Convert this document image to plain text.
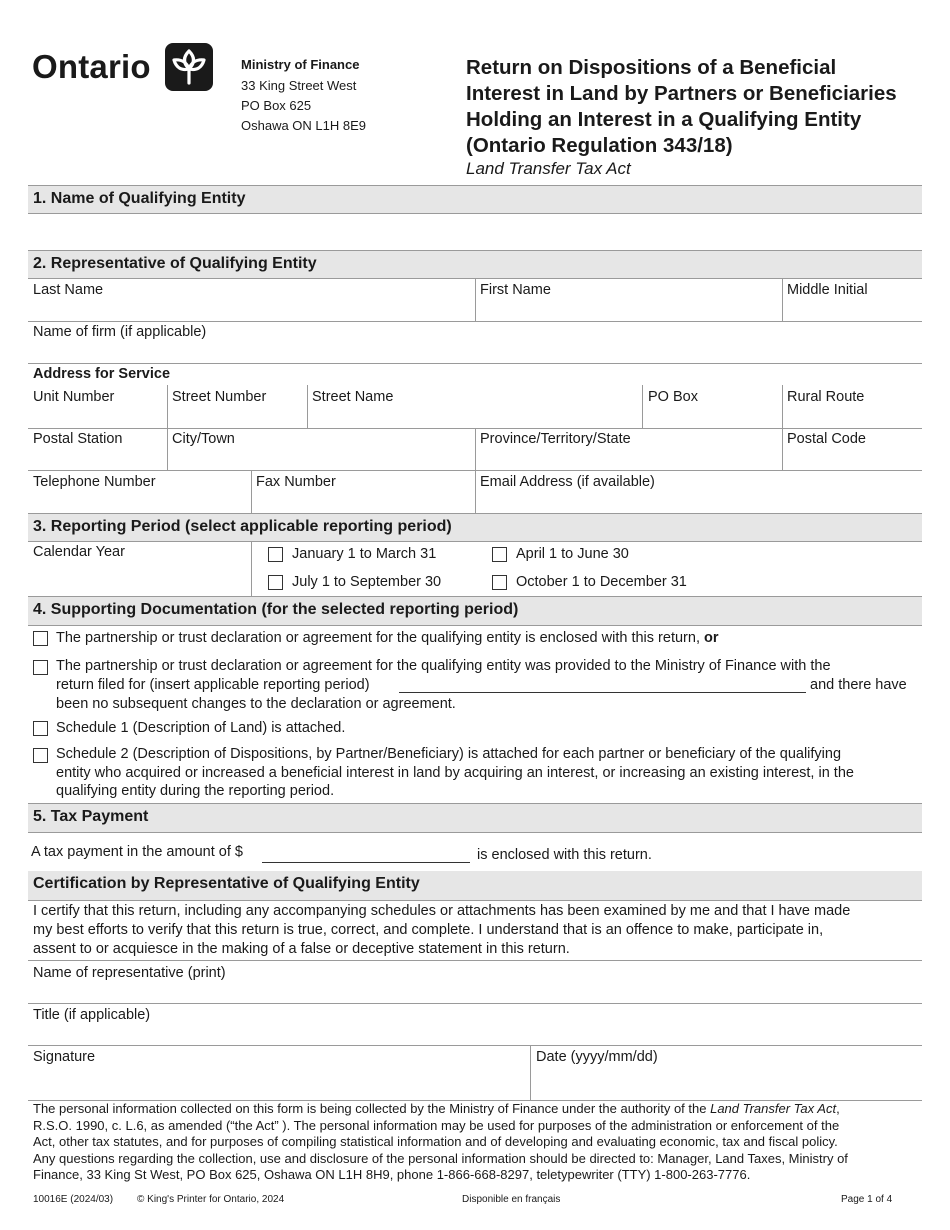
Ontario	Ministry of Finance
33 King Street West
PO Box 625
Oshawa ON L1H 8E9
Return on Dispositions of a Beneficial
Interest in Land by Partners or Beneficiaries
Holding an Interest in a Qualifying Entity
(Ontario Regulation 343/18)
Land Transfer Tax Act
1. Name of Qualifying Entity
2. Representative of Qualifying Entity
Last Name	First Name	Middle Initial
Name of firm (if applicable)
Address for Service
Unit Number	Street Number	Street Name	PO Box	Rural Route
Postal Station	City/Town	Province/Territory/State	Postal Code
Telephone Number	Fax Number	Email Address (if available)
3. Reporting Period (select applicable reporting period)
Calendar Year	January 1 to March 31	April 1 to June 30
July 1 to September 30	October 1 to December 31
4. Supporting Documentation (for the selected reporting period)
The partnership or trust declaration or agreement for the qualifying entity is enclosed with this return, or
The partnership or trust declaration or agreement for the qualifying entity was provided to the Ministry of Finance with the
return filed for (insert applicable reporting period)	and there have
been no subsequent changes to the declaration or agreement.
Schedule 1 (Description of Land) is attached.
Schedule 2 (Description of Dispositions, by Partner/Beneficiary) is attached for each partner or beneficiary of the qualifying
entity who acquired or increased a beneficial interest in land by acquiring an interest, or increasing an existing interest, in the
qualifying entity during the reporting period.
5. Tax Payment
A tax payment in the amount of $	is enclosed with this return.
Certification by Representative of Qualifying Entity
I certify that this return, including any accompanying schedules or attachments has been examined by me and that I have made
my best efforts to verify that this return is true, correct, and complete. I understand that is an offence to make, participate in,
assent to or acquiesce in the making of a false or deceptive statement in this return.
Name of representative (print)
Title (if applicable)
Signature	Date (yyyy/mm/dd)
The personal information collected on this form is being collected by the Ministry of Finance under the authority of the Land Transfer Tax Act,
R.S.O. 1990, c. L.6, as amended (“the Act” ). The personal information may be used for purposes of the administration or enforcement of the
Act, other tax statutes, and for purposes of compiling statistical information and of developing and evaluating economic, tax and fiscal policy.
Any questions regarding the collection, use and disclosure of the personal information should be directed to: Manager, Land Taxes, Ministry of
Finance, 33 King St West, PO Box 625, Oshawa ON L1H 8H9, phone 1-866-668-8297, teletypewriter (TTY) 1-800-263-7776.
10016E (2024/03) © King's Printer for Ontario, 2024	Disponible en français	Page 1 of 4
